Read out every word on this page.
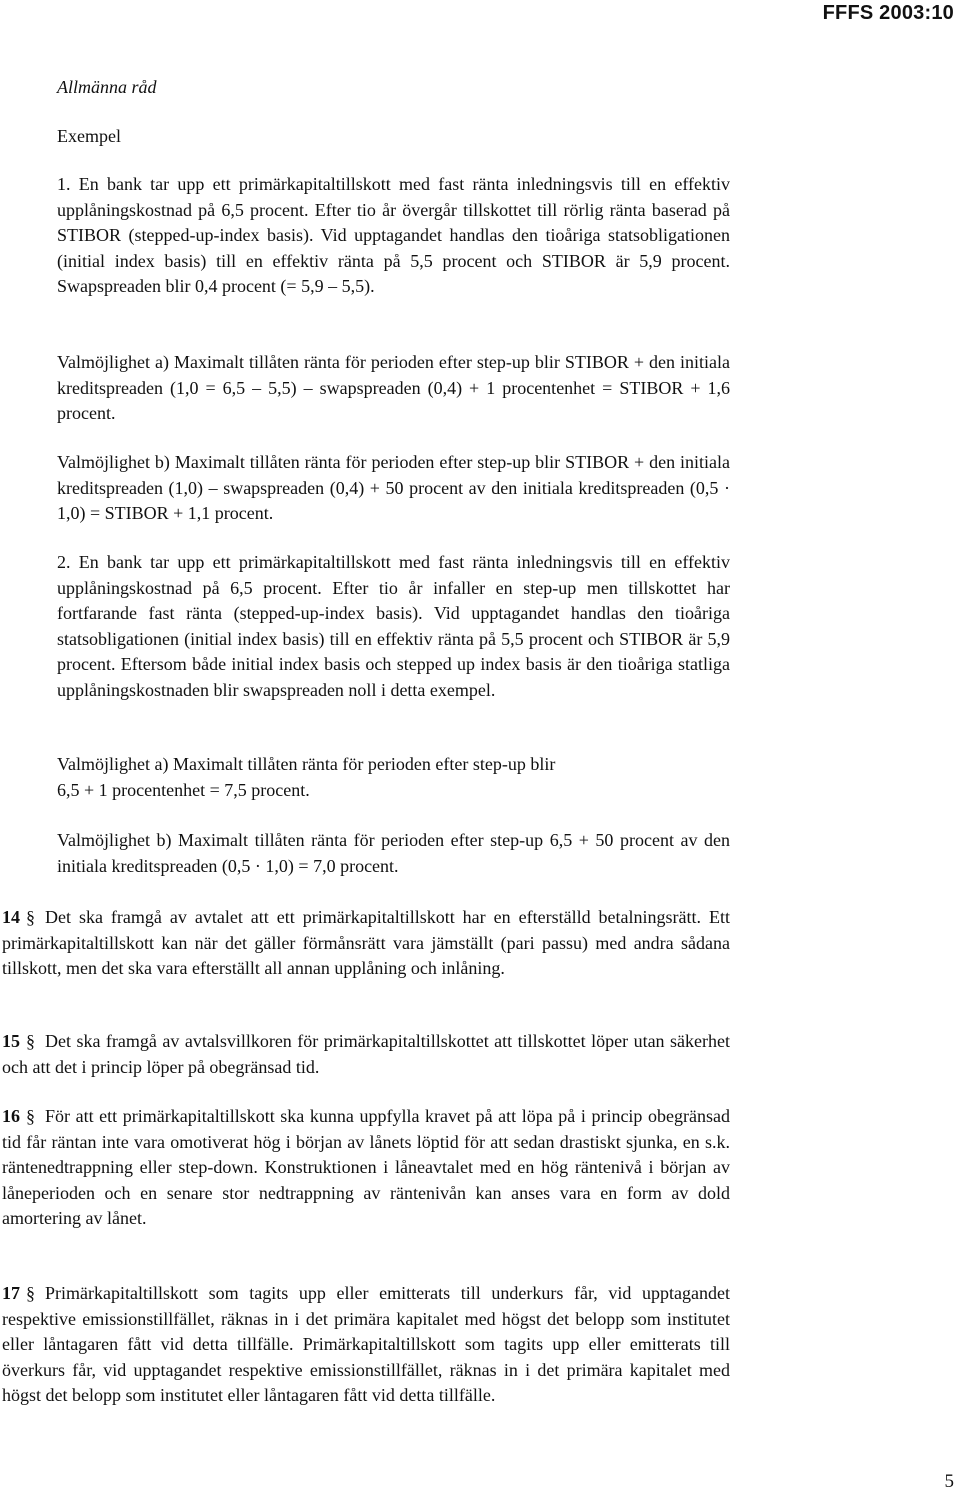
FFFS 2003:10
Allmänna råd
Exempel
1. En bank tar upp ett primärkapitaltillskott med fast ränta inledningsvis till en effektiv upplåningskostnad på 6,5 procent. Efter tio år övergår tillskottet till rörlig ränta baserad på STIBOR (stepped-up-index basis). Vid upptagandet handlas den tioåriga statsobligationen (initial index basis) till en effektiv ränta på 5,5 procent och STIBOR är 5,9 procent. Swapspreaden blir 0,4 procent (= 5,9 – 5,5).
Valmöjlighet a) Maximalt tillåten ränta för perioden efter step-up blir STIBOR + den initiala kreditspreaden (1,0 = 6,5 – 5,5) – swapspreaden (0,4) + 1 procentenhet = STIBOR + 1,6 procent.
Valmöjlighet b) Maximalt tillåten ränta för perioden efter step-up blir STIBOR + den initiala kreditspreaden (1,0) – swapspreaden (0,4) + 50 procent av den initiala kreditspreaden (0,5 · 1,0) = STIBOR + 1,1 procent.
2. En bank tar upp ett primärkapitaltillskott med fast ränta inledningsvis till en effektiv upplåningskostnad på 6,5 procent. Efter tio år infaller en step-up men tillskottet har fortfarande fast ränta (stepped-up-index basis). Vid upptagandet handlas den tioåriga statsobligationen (initial index basis) till en effektiv ränta på 5,5 procent och STIBOR är 5,9 procent. Eftersom både initial index basis och stepped up index basis är den tioåriga statliga upplåningskostnaden blir swapspreaden noll i detta exempel.
Valmöjlighet a) Maximalt tillåten ränta för perioden efter step-up blir
6,5 + 1 procentenhet = 7,5 procent.
Valmöjlighet b) Maximalt tillåten ränta för perioden efter step-up 6,5 + 50 procent av den initiala kreditspreaden (0,5 · 1,0) = 7,0 procent.
14 § Det ska framgå av avtalet att ett primärkapitaltillskott har en efterställd betalningsrätt. Ett primärkapitaltillskott kan när det gäller förmånsrätt vara jämställt (pari passu) med andra sådana tillskott, men det ska vara efterställt all annan upplåning och inlåning.
15 § Det ska framgå av avtalsvillkoren för primärkapitaltillskottet att tillskottet löper utan säkerhet och att det i princip löper på obegränsad tid.
16 § För att ett primärkapitaltillskott ska kunna uppfylla kravet på att löpa på i princip obegränsad tid får räntan inte vara omotiverat hög i början av lånets löptid för att sedan drastiskt sjunka, en s.k. räntenedtrappning eller step-down. Konstruktionen i låneavtalet med en hög räntenivå i början av låneperioden och en senare stor nedtrappning av räntenivån kan anses vara en form av dold amortering av lånet.
17 § Primärkapitaltillskott som tagits upp eller emitterats till underkurs får, vid upptagandet respektive emissionstillfället, räknas in i det primära kapitalet med högst det belopp som institutet eller låntagaren fått vid detta tillfälle. Primärkapitaltillskott som tagits upp eller emitterats till överkurs får, vid upptagandet respektive emissionstillfället, räknas in i det primära kapitalet med högst det belopp som institutet eller låntagaren fått vid detta tillfälle.
5
